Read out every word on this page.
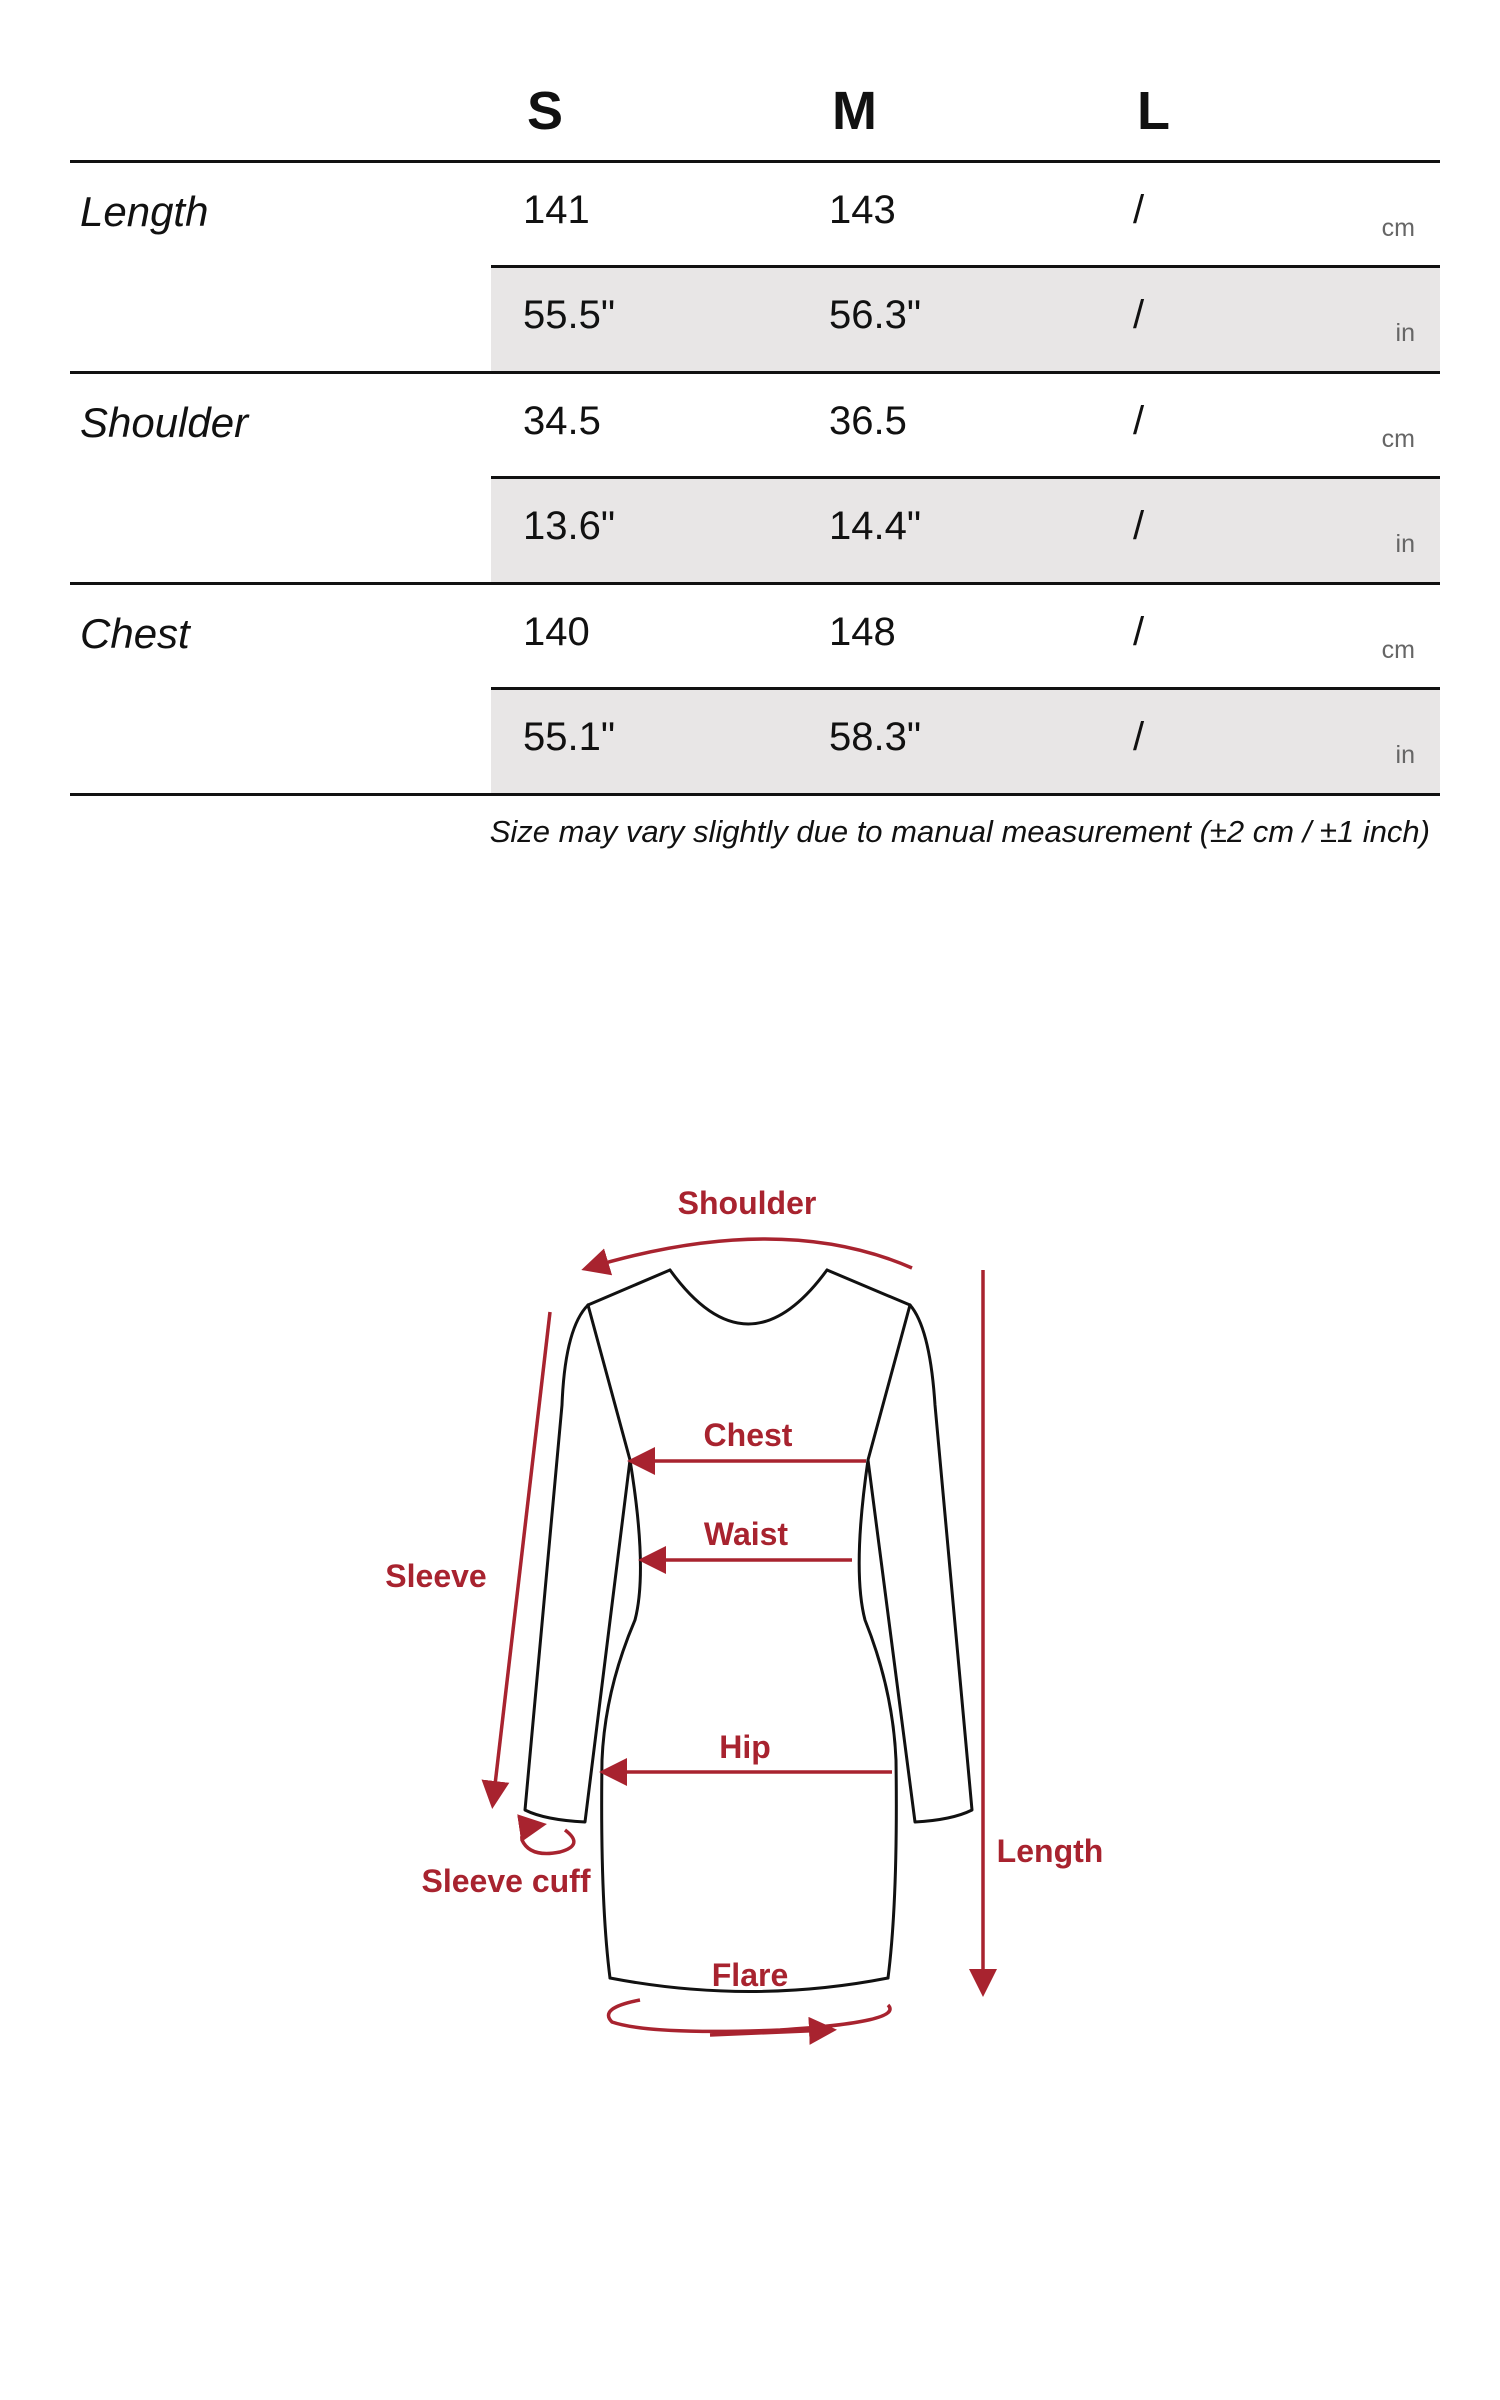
S	M	L
Length	141	143	/	cm
55.5"	56.3"	/	in
Shoulder	34.5	36.5	/	cm
13.6"	14.4"	/	in
Chest	140	148	/	cm
55.1"	58.3"	/	in
Size may vary slightly due to manual measurement (±2 cm / ±1 inch)
Shoulder
Chest
Waist
Sleeve
Hip
Length
Sleeve cuff
Flare
